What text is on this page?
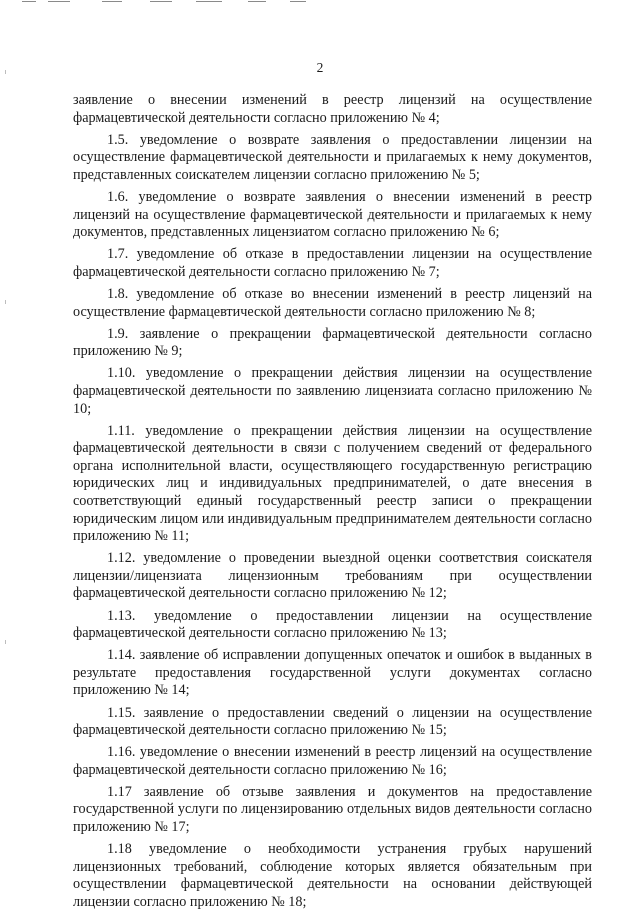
2

заявление о внесении изменений в реестр лицензий на осуществление фармацевтической деятельности согласно приложению № 4;

1.5. уведомление о возврате заявления о предоставлении лицензии на осуществление фармацевтической деятельности и прилагаемых к нему документов, представленных соискателем лицензии согласно приложению № 5;

1.6. уведомление о возврате заявления о внесении изменений в реестр лицензий на осуществление фармацевтической деятельности и прилагаемых к нему документов, представленных лицензиатом согласно приложению № 6;

1.7. уведомление об отказе в предоставлении лицензии на осуществление фармацевтической деятельности согласно приложению № 7;

1.8. уведомление об отказе во внесении изменений в реестр лицензий на осуществление фармацевтической деятельности согласно приложению № 8;

1.9. заявление о прекращении фармацевтической деятельности согласно приложению № 9;

1.10. уведомление о прекращении действия лицензии на осуществление фармацевтической деятельности по заявлению лицензиата согласно приложению № 10;

1.11. уведомление о прекращении действия лицензии на осуществление фармацевтической деятельности в связи с получением сведений от федерального органа исполнительной власти, осуществляющего государственную регистрацию юридических лиц и индивидуальных предпринимателей, о дате внесения в соответствующий единый государственный реестр записи о прекращении юридическим лицом или индивидуальным предпринимателем деятельности согласно приложению № 11;

1.12. уведомление о проведении выездной оценки соответствия соискателя лицензии/лицензиата лицензионным требованиям при осуществлении фармацевтической деятельности согласно приложению № 12;

1.13. уведомление о предоставлении лицензии на осуществление фармацевтической деятельности согласно приложению № 13;

1.14. заявление об исправлении допущенных опечаток и ошибок в выданных в результате предоставления государственной услуги документах согласно приложению № 14;

1.15. заявление о предоставлении сведений о лицензии на осуществление фармацевтической деятельности согласно приложению № 15;

1.16. уведомление о внесении изменений в реестр лицензий на осуществление фармацевтической деятельности согласно приложению № 16;

1.17 заявление об отзыве заявления и документов на предоставление государственной услуги по лицензированию отдельных видов деятельности согласно приложению № 17;

1.18 уведомление о необходимости устранения грубых нарушений лицензионных требований, соблюдение которых является обязательным при осуществлении фармацевтической деятельности на основании действующей лицензии согласно приложению № 18;
